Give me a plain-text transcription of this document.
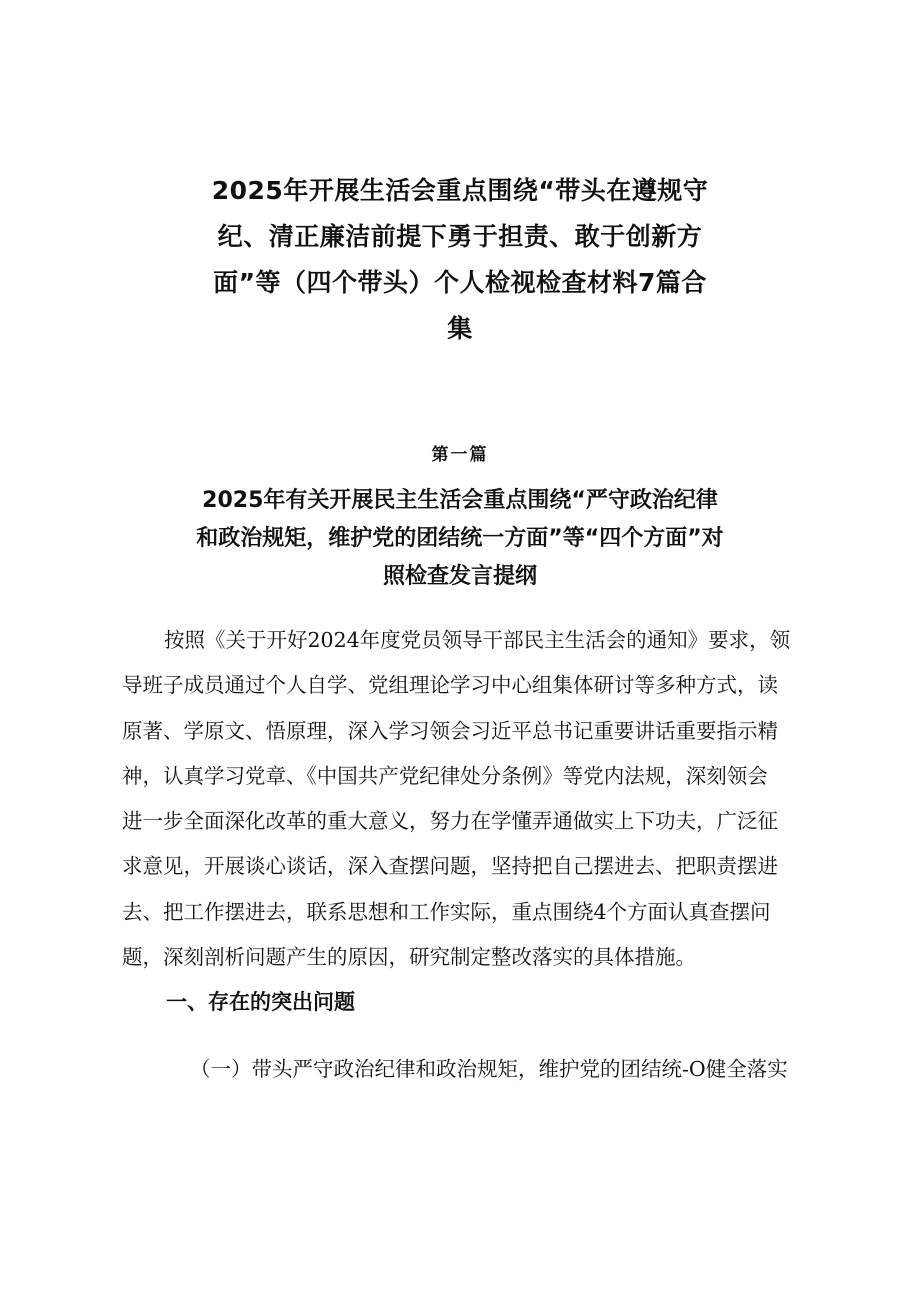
2025年开展生活会重点围绕“带头在遵规守
纪、清正廉洁前提下勇于担责、敢于创新方
面”等（四个带头）个人检视检查材料7篇合
集
第一篇
2025年有关开展民主生活会重点围绕“严守政治纪律
和政治规矩，维护党的团结统一方面”等“四个方面”对
照检查发言提纲
按照《关于开好2024年度党员领导干部民主生活会的通知》要求，领
导班子成员通过个人自学、党组理论学习中心组集体研讨等多种方式，读
原著、学原文、悟原理，深入学习领会习近平总书记重要讲话重要指示精
神，认真学习党章、《中国共产党纪律处分条例》等党内法规，深刻领会
进一步全面深化改革的重大意义，努力在学懂弄通做实上下功夫，广泛征
求意见，开展谈心谈话，深入查摆问题，坚持把自己摆进去、把职责摆进
去、把工作摆进去，联系思想和工作实际，重点围绕4个方面认真查摆问
题，深刻剖析问题产生的原因，研究制定整改落实的具体措施。
一、存在的突出问题
（一）带头严守政治纪律和政治规矩，维护党的团结统-O健全落实
